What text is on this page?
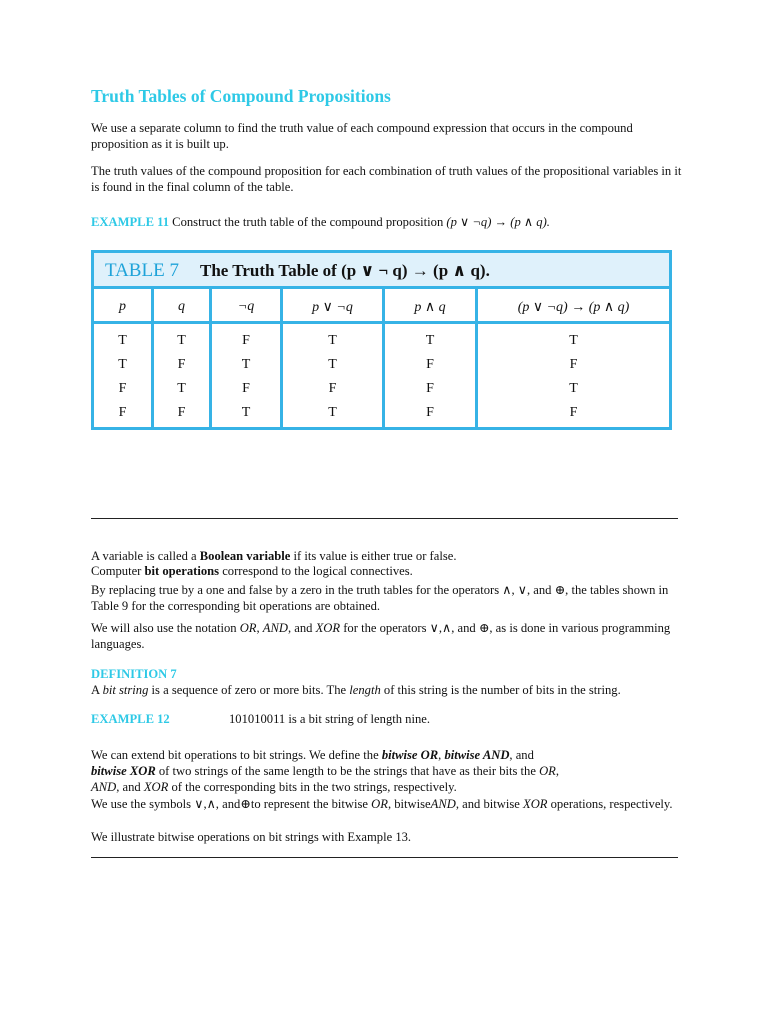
Truth Tables of Compound Propositions
We use a separate column to find the truth value of each compound expression that occurs in the compound proposition as it is built up.
The truth values of the compound proposition for each combination of truth values of the propositional variables in it is found in the final column of the table.
EXAMPLE 11 Construct the truth table of the compound proposition (p ∨ ¬q) → (p ∧ q).
TABLE 7 The Truth Table of (p ∨ ¬ q) → (p ∧ q).
p	q	¬q	p ∨ ¬q	p ∧ q	(p ∨ ¬q) → (p ∧ q)
T	T	F	T	T	T
T	F	T	T	F	F
F	T	F	F	F	T
F	F	T	T	F	F
A variable is called a Boolean variable if its value is either true or false.
Computer bit operations correspond to the logical connectives.
By replacing true by a one and false by a zero in the truth tables for the operators ∧, ∨, and ⊕, the tables shown in Table 9 for the corresponding bit operations are obtained.
We will also use the notation OR, AND, and XOR for the operators ∨,∧, and ⊕, as is done in various programming languages.
DEFINITION 7
A bit string is a sequence of zero or more bits. The length of this string is the number of bits in the string.
EXAMPLE 12	101010011 is a bit string of length nine.
We can extend bit operations to bit strings. We define the bitwise OR, bitwise AND, and
bitwise XOR of two strings of the same length to be the strings that have as their bits the OR,
AND, and XOR of the corresponding bits in the two strings, respectively.
We use the symbols ∨,∧, and⊕to represent the bitwise OR, bitwiseAND, and bitwise XOR operations, respectively.
We illustrate bitwise operations on bit strings with Example 13.
